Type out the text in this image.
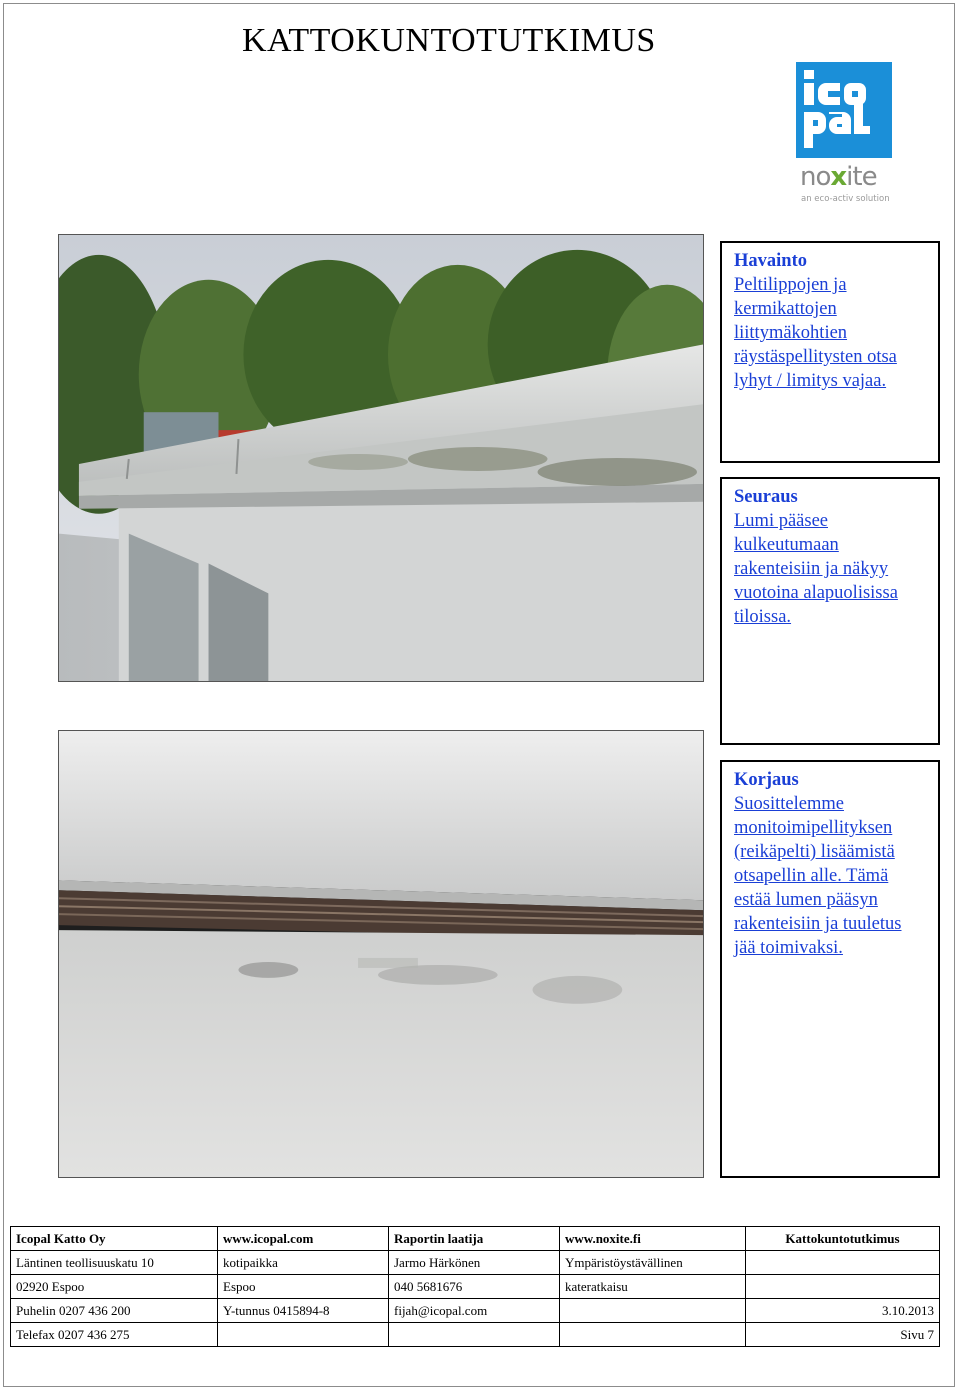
KATTOKUNTOTUTKIMUS
noxite
an eco-activ solution
Havainto
Peltilippojen ja kermikattojen liittymäkohtien räystäspellitysten otsa lyhyt / limitys vajaa.
Seuraus
Lumi pääsee kulkeutumaan rakenteisiin ja näkyy vuotoina alapuolisissa tiloissa.
Korjaus
Suosittelemme monitoimipellityksen (reikäpelti) lisäämistä otsapellin alle. Tämä estää lumen pääsyn rakenteisiin ja tuuletus jää toimivaksi.
Icopal Katto Oy	www.icopal.com	Raportin laatija	www.noxite.fi	Kattokuntotutkimus
Läntinen teollisuuskatu 10	kotipaikka	Jarmo Härkönen	Ympäristöystävällinen	
02920 Espoo	Espoo	040 5681676	kateratkaisu	
Puhelin 0207 436 200	Y-tunnus 0415894-8	fijah@icopal.com		3.10.2013
Telefax 0207 436 275				Sivu 7
